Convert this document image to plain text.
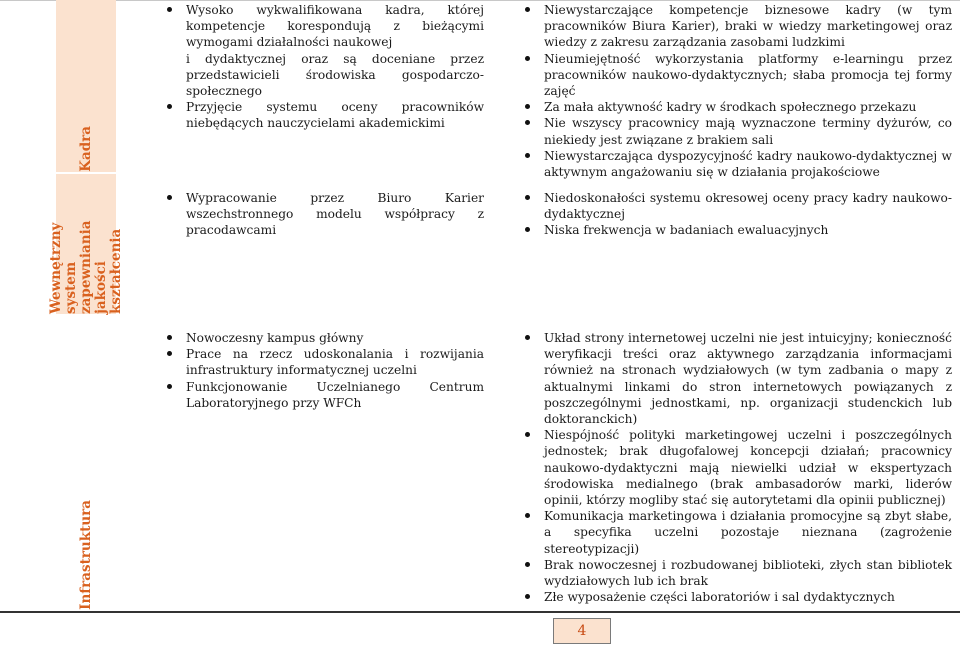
Kadra
Wysoko wykwalifikowana kadra, której kompetencje korespondują z bieżącymi wymogami działalności naukowej
i dydaktycznej oraz są doceniane przez przedstawicieli środowiska gospodarczo-społecznego
Przyjęcie systemu oceny pracowników niebędących nauczycielami akademickimi
Niewystarczające kompetencje biznesowe kadry (w tym pracowników Biura Karier), braki w wiedzy marketingowej oraz wiedzy z zakresu zarządzania zasobami ludzkimi
Nieumiejętność wykorzystania platformy e-learningu przez pracowników naukowo-dydaktycznych; słaba promocja tej formy zajęć
Za mała aktywność kadry w środkach społecznego przekazu
Nie wszyscy pracownicy mają wyznaczone terminy dyżurów, co niekiedy jest związane z brakiem sali
Niewystarczająca dyspozycyjność kadry naukowo-dydaktycznej w aktywnym angażowaniu się w działania projakościowe
Wewnętrzny system zapewniania jakości kształcenia
Wypracowanie przez Biuro Karier wszechstronnego modelu współpracy z pracodawcami
Niedoskonałości systemu okresowej oceny pracy kadry naukowo-dydaktycznej
Niska frekwencja w badaniach ewaluacyjnych
Infrastruktura
Nowoczesny kampus główny
Prace na rzecz udoskonalania i rozwijania infrastruktury informatycznej uczelni
Funkcjonowanie Uczelnianego Centrum Laboratoryjnego przy WFCh
Układ strony internetowej uczelni nie jest intuicyjny; konieczność weryfikacji treści oraz aktywnego zarządzania informacjami również na stronach wydziałowych (w tym zadbania o mapy z aktualnymi linkami do stron internetowych powiązanych z poszczególnymi jednostkami, np. organizacji studenckich lub doktoranckich)
Niespójność polityki marketingowej uczelni i poszczególnych jednostek; brak długofalowej koncepcji działań; pracownicy naukowo-dydaktyczni mają niewielki udział w ekspertyzach środowiska medialnego (brak ambasadorów marki, liderów opinii, którzy mogliby stać się autorytetami dla opinii publicznej)
Komunikacja marketingowa i działania promocyjne są zbyt słabe, a specyfika uczelni pozostaje nieznana (zagrożenie stereotypizacji)
Brak nowoczesnej i rozbudowanej biblioteki, złych stan bibliotek wydziałowych lub ich brak
Złe wyposażenie części laboratoriów i sal dydaktycznych
4
